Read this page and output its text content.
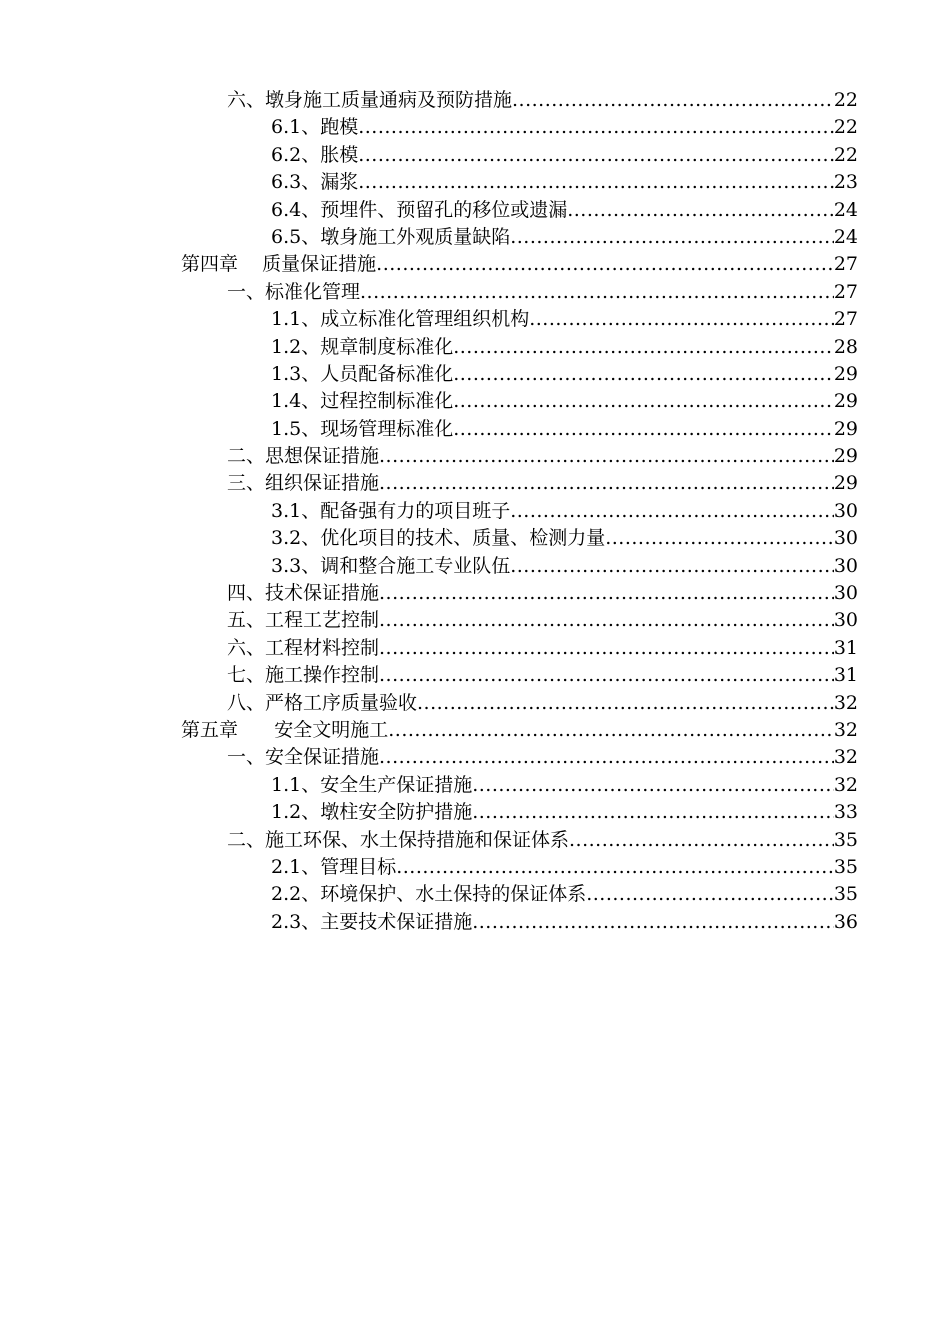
六、墩身施工质量通病及预防措施 .....	22
6.1、跑模 .....	22
6.2、胀模 .....	22
6.3、漏浆 .....	23
6.4、预埋件、预留孔的移位或遗漏 .....	24
6.5、墩身施工外观质量缺陷 .....	24
第四章    质量保证措施 .....	27
一、标准化管理 .....	27
1.1、成立标准化管理组织机构 .....	27
1.2、规章制度标准化 .....	28
1.3、人员配备标准化 .....	29
1.4、过程控制标准化 .....	29
1.5、现场管理标准化 .....	29
二、思想保证措施 .....	29
三、组织保证措施 .....	29
3.1、配备强有力的项目班子 .....	30
3.2、优化项目的技术、质量、检测力量 .....	30
3.3、调和整合施工专业队伍 .....	30
四、技术保证措施 .....	30
五、工程工艺控制 .....	30
六、工程材料控制 .....	31
七、施工操作控制 .....	31
八、严格工序质量验收 .....	32
第五章      安全文明施工 .....	32
一、安全保证措施 .....	32
1.1、安全生产保证措施 .....	32
1.2、墩柱安全防护措施 .....	33
二、施工环保、水土保持措施和保证体系 .....	35
2.1、管理目标 .....	35
2.2、环境保护、水土保持的保证体系 .....	35
2.3、主要技术保证措施 .....	36
